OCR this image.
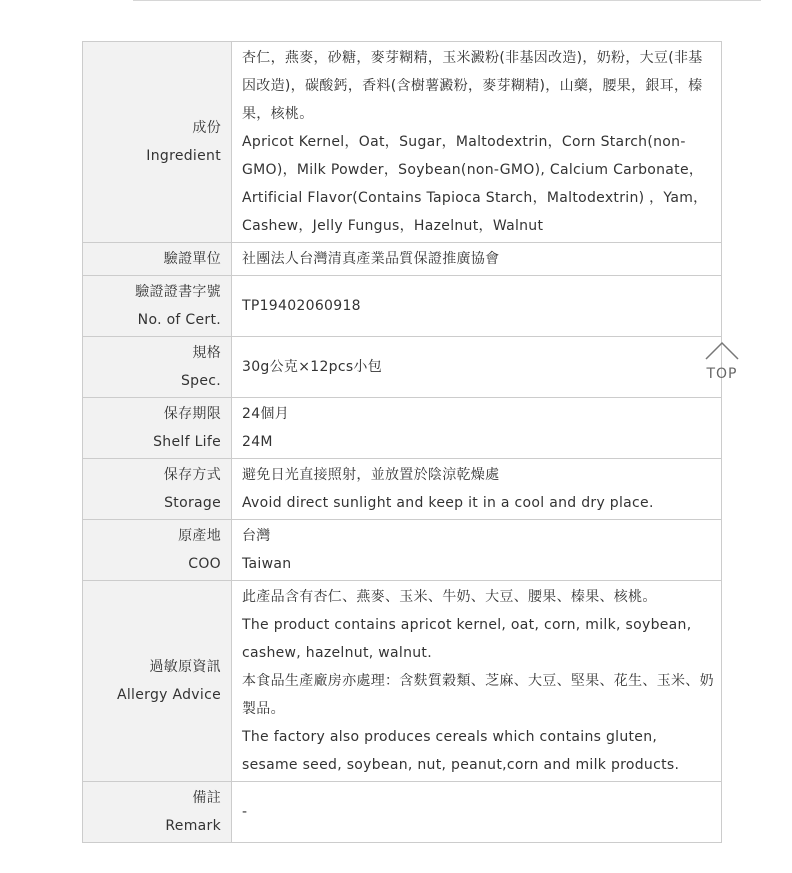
成份
Ingredient	杏仁，燕麥，砂糖，麥芽糊精，玉米澱粉(非基因改造)，奶粉，大豆(非基因改造)，碳酸鈣，香料(含樹薯澱粉，麥芽糊精)，山藥，腰果，銀耳，榛果，核桃。
Apricot Kernel，Oat，Sugar，Maltodextrin，Corn Starch(non-GMO)，Milk Powder，Soybean(non-GMO), Calcium Carbonate，Artificial Flavor(Contains Tapioca Starch，Maltodextrin) ，Yam，Cashew，Jelly Fungus，Hazelnut，Walnut

驗證單位	社團法人台灣清真產業品質保證推廣協會

驗證證書字號
No. of Cert.	TP19402060918

規格
Spec.	30g公克×12pcs小包

保存期限
Shelf Life	24個月
24M

保存方式
Storage	避免日光直接照射，並放置於陰涼乾燥處
Avoid direct sunlight and keep it in a cool and dry place.

原產地
COO	台灣
Taiwan

過敏原資訊
Allergy Advice	此產品含有杏仁、燕麥、玉米、牛奶、大豆、腰果、榛果、核桃。
The product contains apricot kernel, oat, corn, milk, soybean, cashew, hazelnut, walnut.
本食品生產廠房亦處理：含麩質穀類、芝麻、大豆、堅果、花生、玉米、奶製品。
The factory also produces cereals which contains gluten, sesame seed, soybean, nut, peanut,corn and milk products.

備註
Remark	-
TOP
